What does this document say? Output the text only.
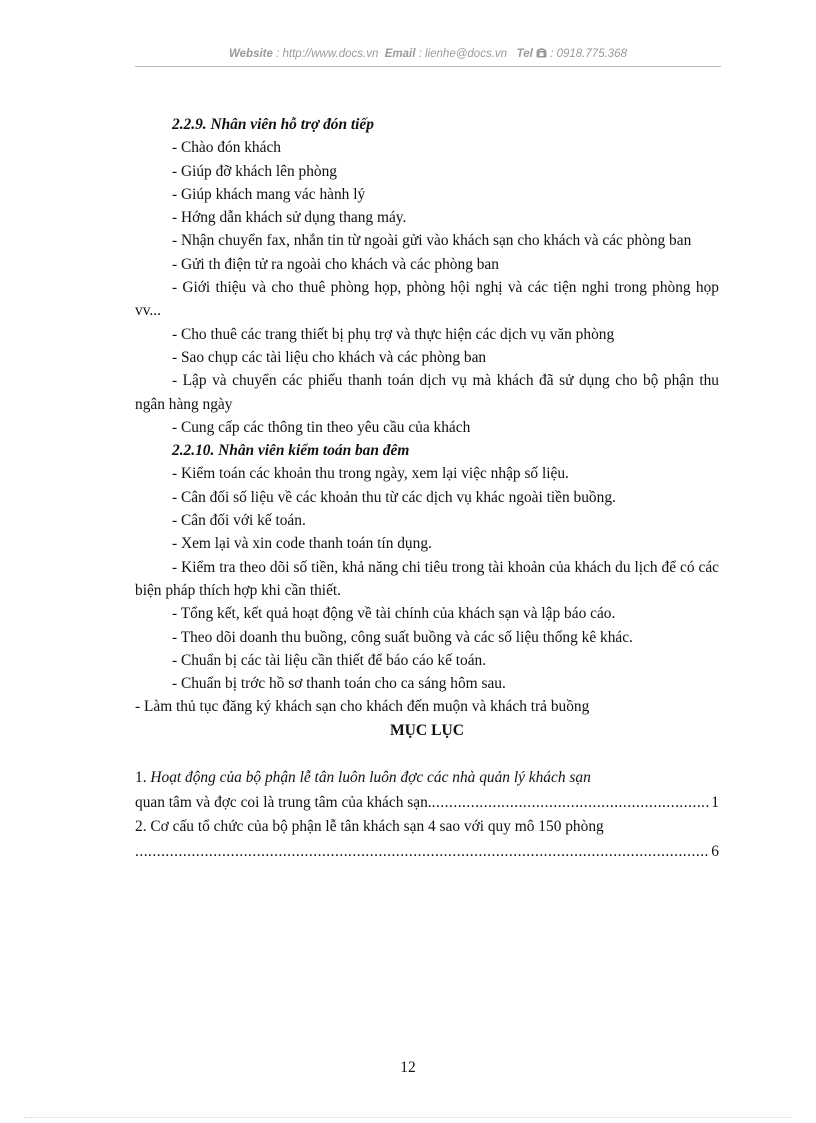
Website : http://www.docs.vn Email : lienhe@docs.vn Tel : 0918.775.368

2.2.9. Nhân viên hỗ trợ đón tiếp

- Chào đón khách

- Giúp đỡ khách lên phòng

- Giúp khách mang vác hành lý

- Hớng dẫn khách sử dụng thang máy.

- Nhận chuyển fax, nhắn tin từ ngoài gửi vào khách sạn cho khách và các phòng ban

- Gửi th điện tử ra ngoài cho khách và các phòng ban

- Giới thiệu và cho thuê phòng họp, phòng hội nghị và các tiện nghi trong phòng họp vv...

- Cho thuê các trang thiết bị phụ trợ và thực hiện các dịch vụ văn phòng

- Sao chụp các tài liệu cho khách và các phòng ban

- Lập và chuyển các phiếu thanh toán dịch vụ mà khách đã sử dụng cho bộ phận thu ngân hàng ngày

- Cung cấp các thông tin theo yêu cầu của khách

2.2.10. Nhân viên kiểm toán ban đêm

- Kiểm toán các khoản thu trong ngày, xem lại việc nhập số liệu.

- Cân đối số liệu về các khoản thu từ các dịch vụ khác ngoài tiền buồng.

- Cân đối với kế toán.

- Xem lại và xin code thanh toán tín dụng.

- Kiểm tra theo dõi số tiền, khả năng chi tiêu trong tài khoản của khách du lịch để có các biện pháp thích hợp khi cần thiết.

- Tổng kết, kết quả hoạt động về tài chính của khách sạn và lập báo cáo.

- Theo dõi doanh thu buồng, công suất buồng và các số liệu thống kê khác.

- Chuẩn bị các tài liệu cần thiết để báo cáo kế toán.

- Chuẩn bị trớc hồ sơ thanh toán cho ca sáng hôm sau.

- Làm thủ tục đăng ký khách sạn cho khách đến muộn và khách trả buồng

MỤC LỤC

1. Hoạt động của bộ phận lễ tân luôn luôn đợc các nhà quản lý khách sạn

quan tâm và đợc coi là trung tâm của khách sạn.
.....	1

2. Cơ cấu tổ chức của bộ phận lễ tân khách sạn 4 sao với quy mô 150 phòng

.....
6
12
